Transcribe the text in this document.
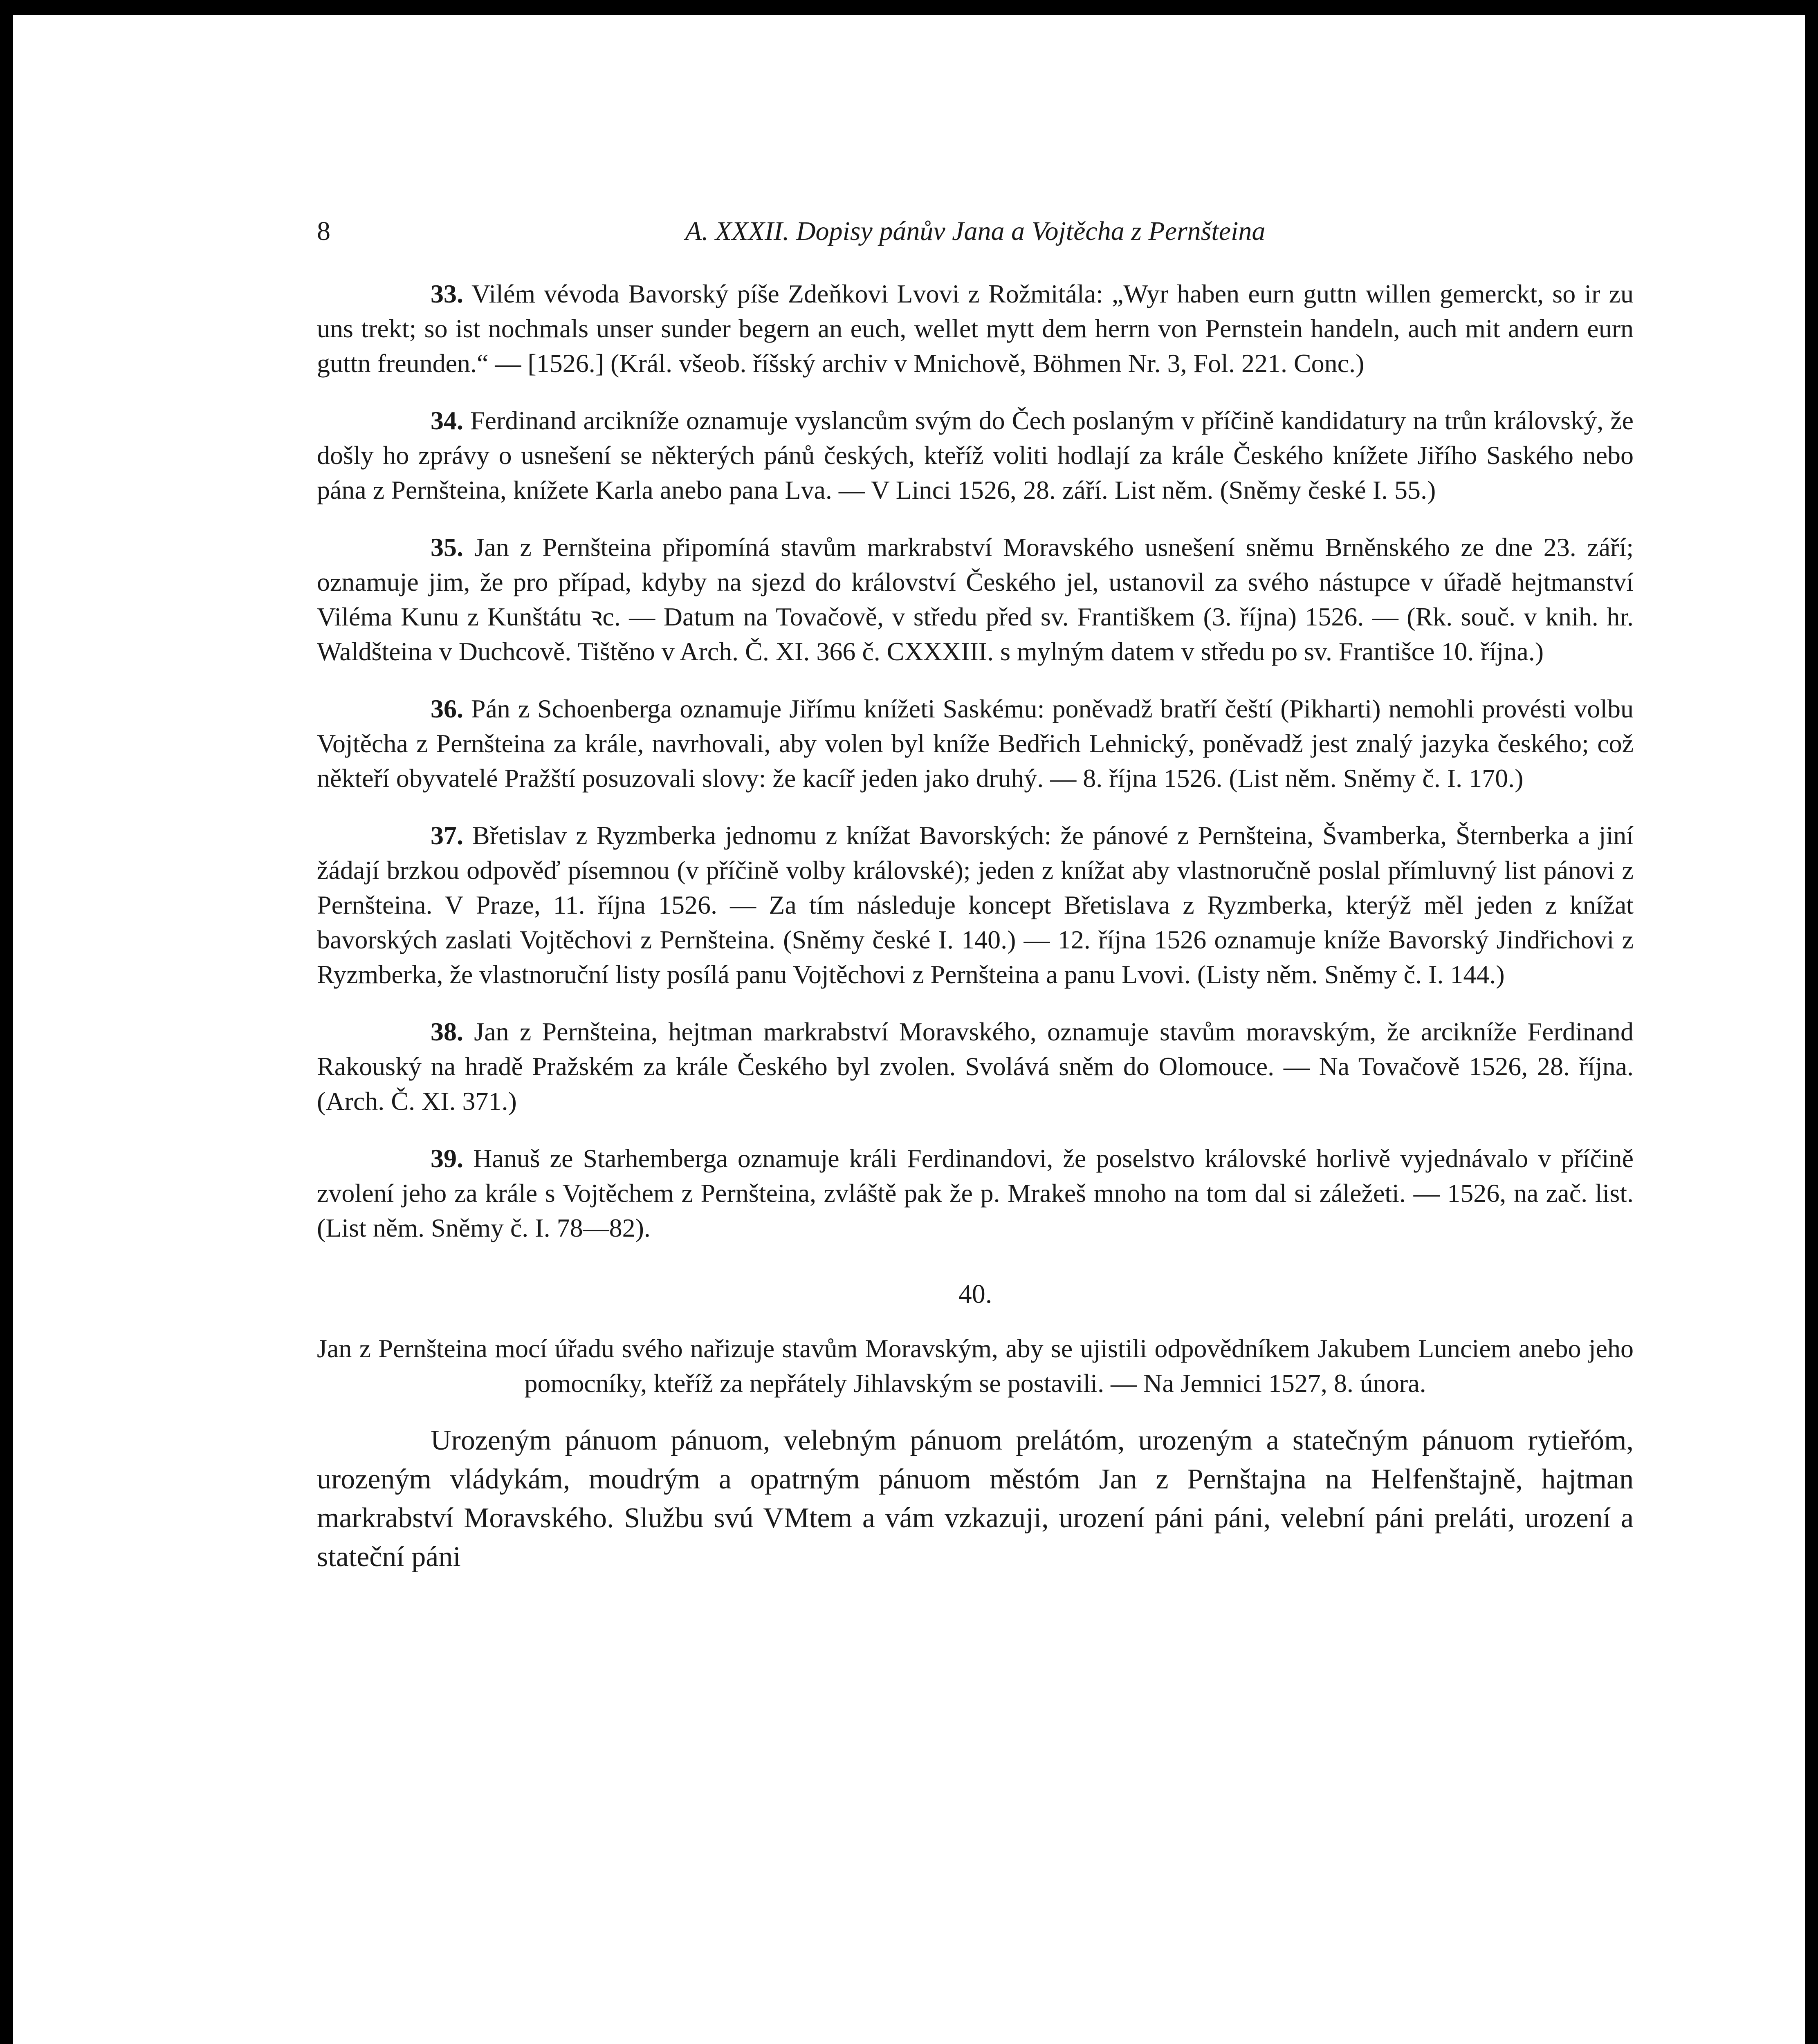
8	A. XXXII. Dopisy pánův Jana a Vojtěcha z Pernšteina

33. Vilém vévoda Bavorský píše Zdeňkovi Lvovi z Rožmitála: „Wyr haben eurn guttn willen gemerckt, so ir zu uns trekt; so ist nochmals unser sunder begern an euch, wellet mytt dem herrn von Pernstein handeln, auch mit andern eurn guttn freunden.“ — [1526.] (Král. všeob. říšský archiv v Mnichově, Böhmen Nr. 3, Fol. 221. Conc.)

34. Ferdinand arcikníže oznamuje vyslancům svým do Čech poslaným v příčině kandidatury na trůn královský, že došly ho zprávy o usnešení se některých pánů českých, kteříž voliti hodlají za krále Českého knížete Jiřího Saského nebo pána z Pernšteina, knížete Karla anebo pana Lva. — V Linci 1526, 28. září. List něm. (Sněmy české I. 55.)

35. Jan z Pernšteina připomíná stavům markrabství Moravského usnešení sněmu Brněnského ze dne 23. září; oznamuje jim, že pro případ, kdyby na sjezd do království Českého jel, ustanovil za svého nástupce v úřadě hejtmanství Viléma Kunu z Kunštátu ꝛc. — Datum na Tovačově, v středu před sv. Františkem (3. října) 1526. — (Rk. souč. v knih. hr. Waldšteina v Duchcově. Tištěno v Arch. Č. XI. 366 č. CXXXIII. s mylným datem v středu po sv. Františce 10. října.)

36. Pán z Schoenberga oznamuje Jiřímu knížeti Saskému: poněvadž bratří čeští (Pikharti) nemohli provésti volbu Vojtěcha z Pernšteina za krále, navrhovali, aby volen byl kníže Bedřich Lehnický, poněvadž jest znalý jazyka českého; což někteří obyvatelé Pražští posuzovali slovy: že kacíř jeden jako druhý. — 8. října 1526. (List něm. Sněmy č. I. 170.)

37. Břetislav z Ryzmberka jednomu z knížat Bavorských: že pánové z Pernšteina, Švamberka, Šternberka a jiní žádají brzkou odpověď písemnou (v příčině volby královské); jeden z knížat aby vlastnoručně poslal přímluvný list pánovi z Pernšteina. V Praze, 11. října 1526. — Za tím následuje koncept Břetislava z Ryzmberka, kterýž měl jeden z knížat bavorských zaslati Vojtěchovi z Pernšteina. (Sněmy české I. 140.) — 12. října 1526 oznamuje kníže Bavorský Jindřichovi z Ryzmberka, že vlastnoruční listy posílá panu Vojtěchovi z Pernšteina a panu Lvovi. (Listy něm. Sněmy č. I. 144.)

38. Jan z Pernšteina, hejtman markrabství Moravského, oznamuje stavům moravským, že arcikníže Ferdinand Rakouský na hradě Pražském za krále Českého byl zvolen. Svolává sněm do Olomouce. — Na Tovačově 1526, 28. října. (Arch. Č. XI. 371.)

39. Hanuš ze Starhemberga oznamuje králi Ferdinandovi, že poselstvo královské horlivě vyjednávalo v příčině zvolení jeho za krále s Vojtěchem z Pernšteina, zvláště pak že p. Mrakeš mnoho na tom dal si záležeti. — 1526, na zač. list. (List něm. Sněmy č. I. 78—82).

40.

Jan z Pernšteina mocí úřadu svého nařizuje stavům Moravským, aby se ujistili odpovědníkem Jakubem Lunciem anebo jeho pomocníky, kteříž za nepřátely Jihlavským se postavili. — Na Jemnici 1527, 8. února.

Urozeným pánuom pánuom, velebným pánuom prelátóm, urozeným a statečným pánuom rytieřóm, urozeným vládykám, moudrým a opatrným pánuom městóm Jan z Pernštajna na Helfenštajně, hajtman markrabství Moravského. Službu svú VMtem a vám vzkazuji, urození páni páni, velební páni preláti, urození a stateční páni
